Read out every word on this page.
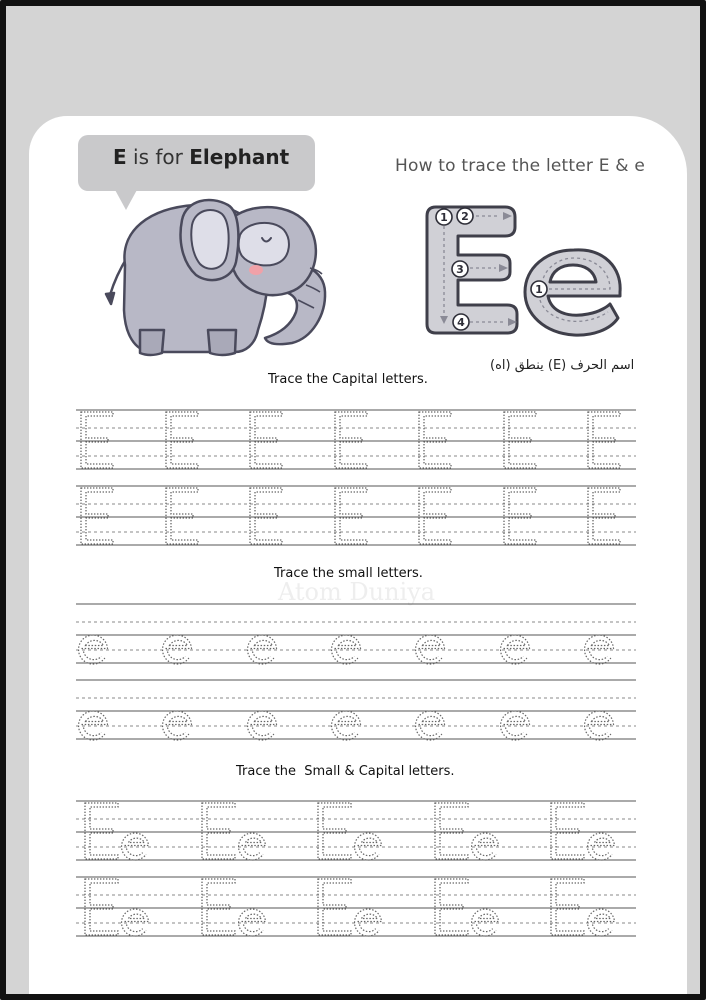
E is for Elephant	How to trace the letter E & e
1 2
3
4
1
اسم الحرف (E) ينطق (اه)
Atom Duniya
Trace the Capital letters.
Trace the small letters.
Trace the  Small & Capital letters.
